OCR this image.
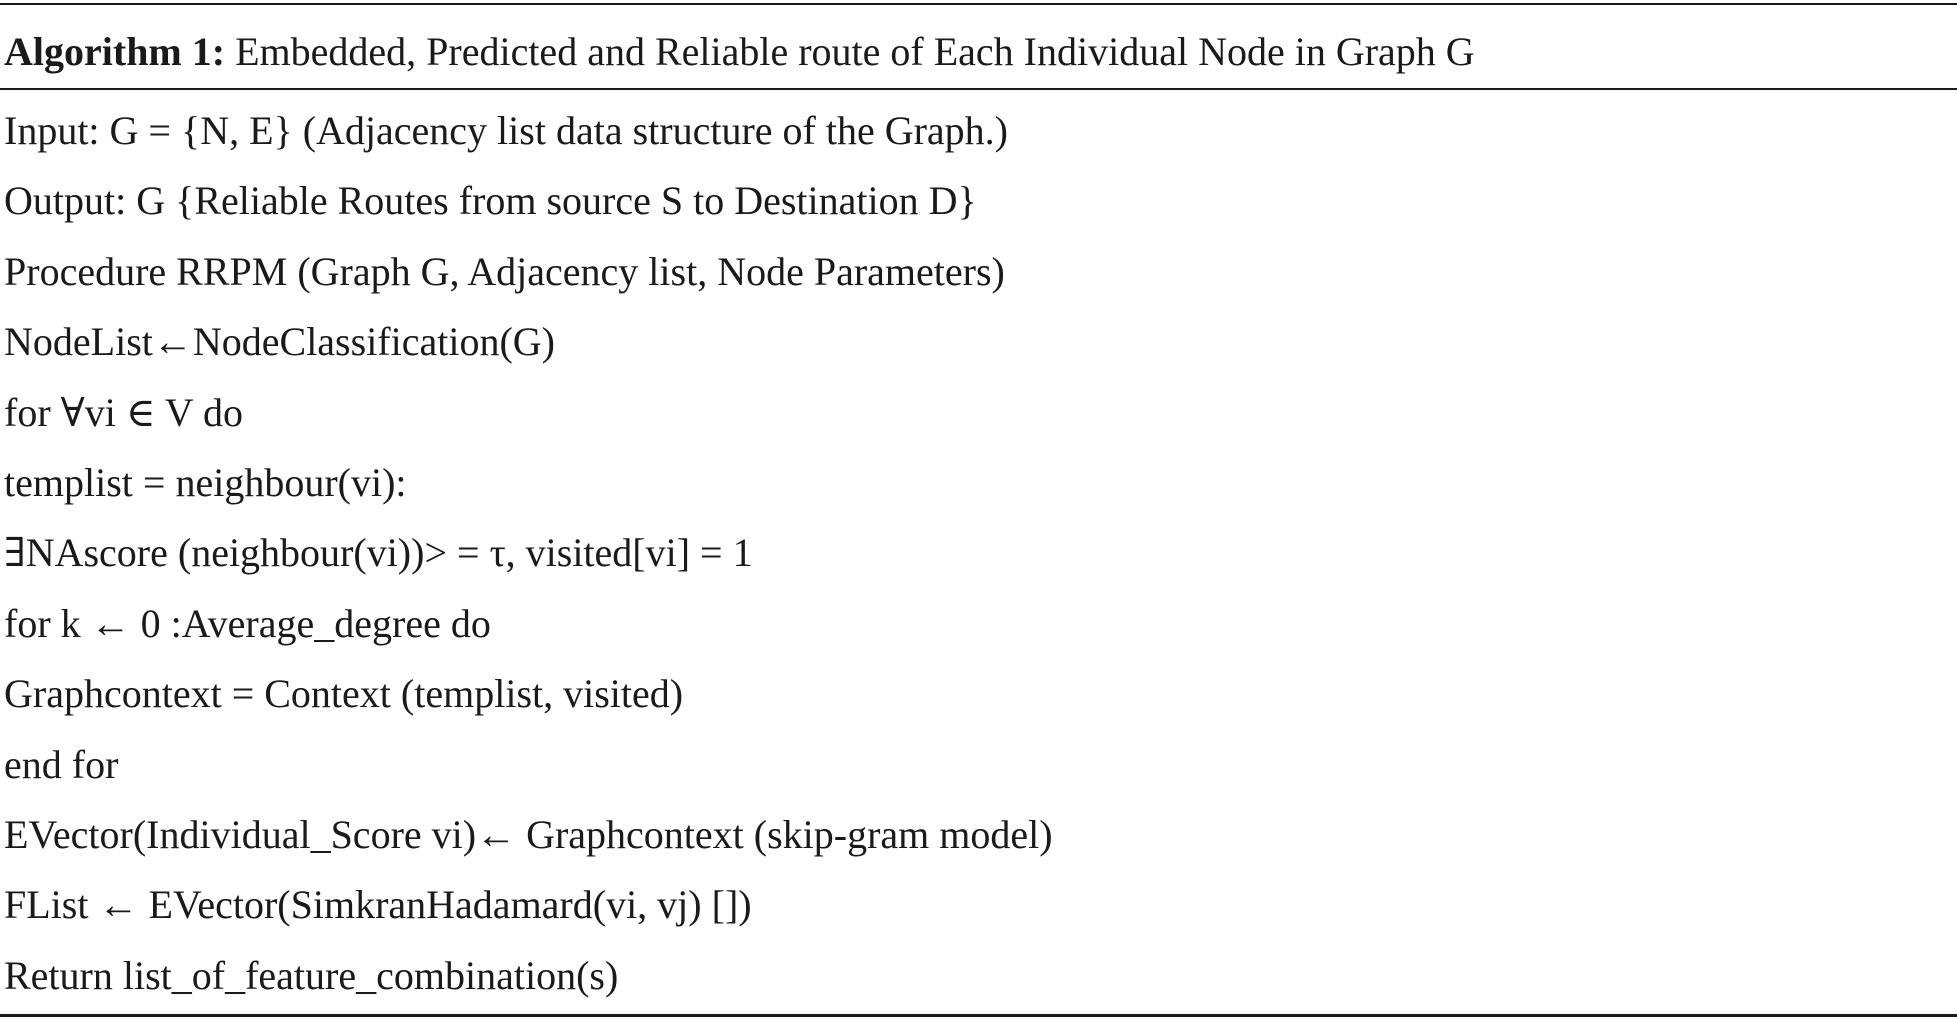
Algorithm 1: Embedded, Predicted and Reliable route of Each Individual Node in Graph G
Input: G = {N, E} (Adjacency list data structure of the Graph.)
Output: G {Reliable Routes from source S to Destination D}
Procedure RRPM (Graph G, Adjacency list, Node Parameters)
NodeList←NodeClassification(G)
for ∀vi ∈ V do
templist = neighbour(vi):
∃NAscore (neighbour(vi))> = τ, visited[vi] = 1
for k ← 0 :Average_degree do
Graphcontext = Context (templist, visited)
end for
EVector(Individual_Score vi)← Graphcontext (skip-gram model)
FList ← EVector(SimkranHadamard(vi, vj) [])
Return list_of_feature_combination(s)
